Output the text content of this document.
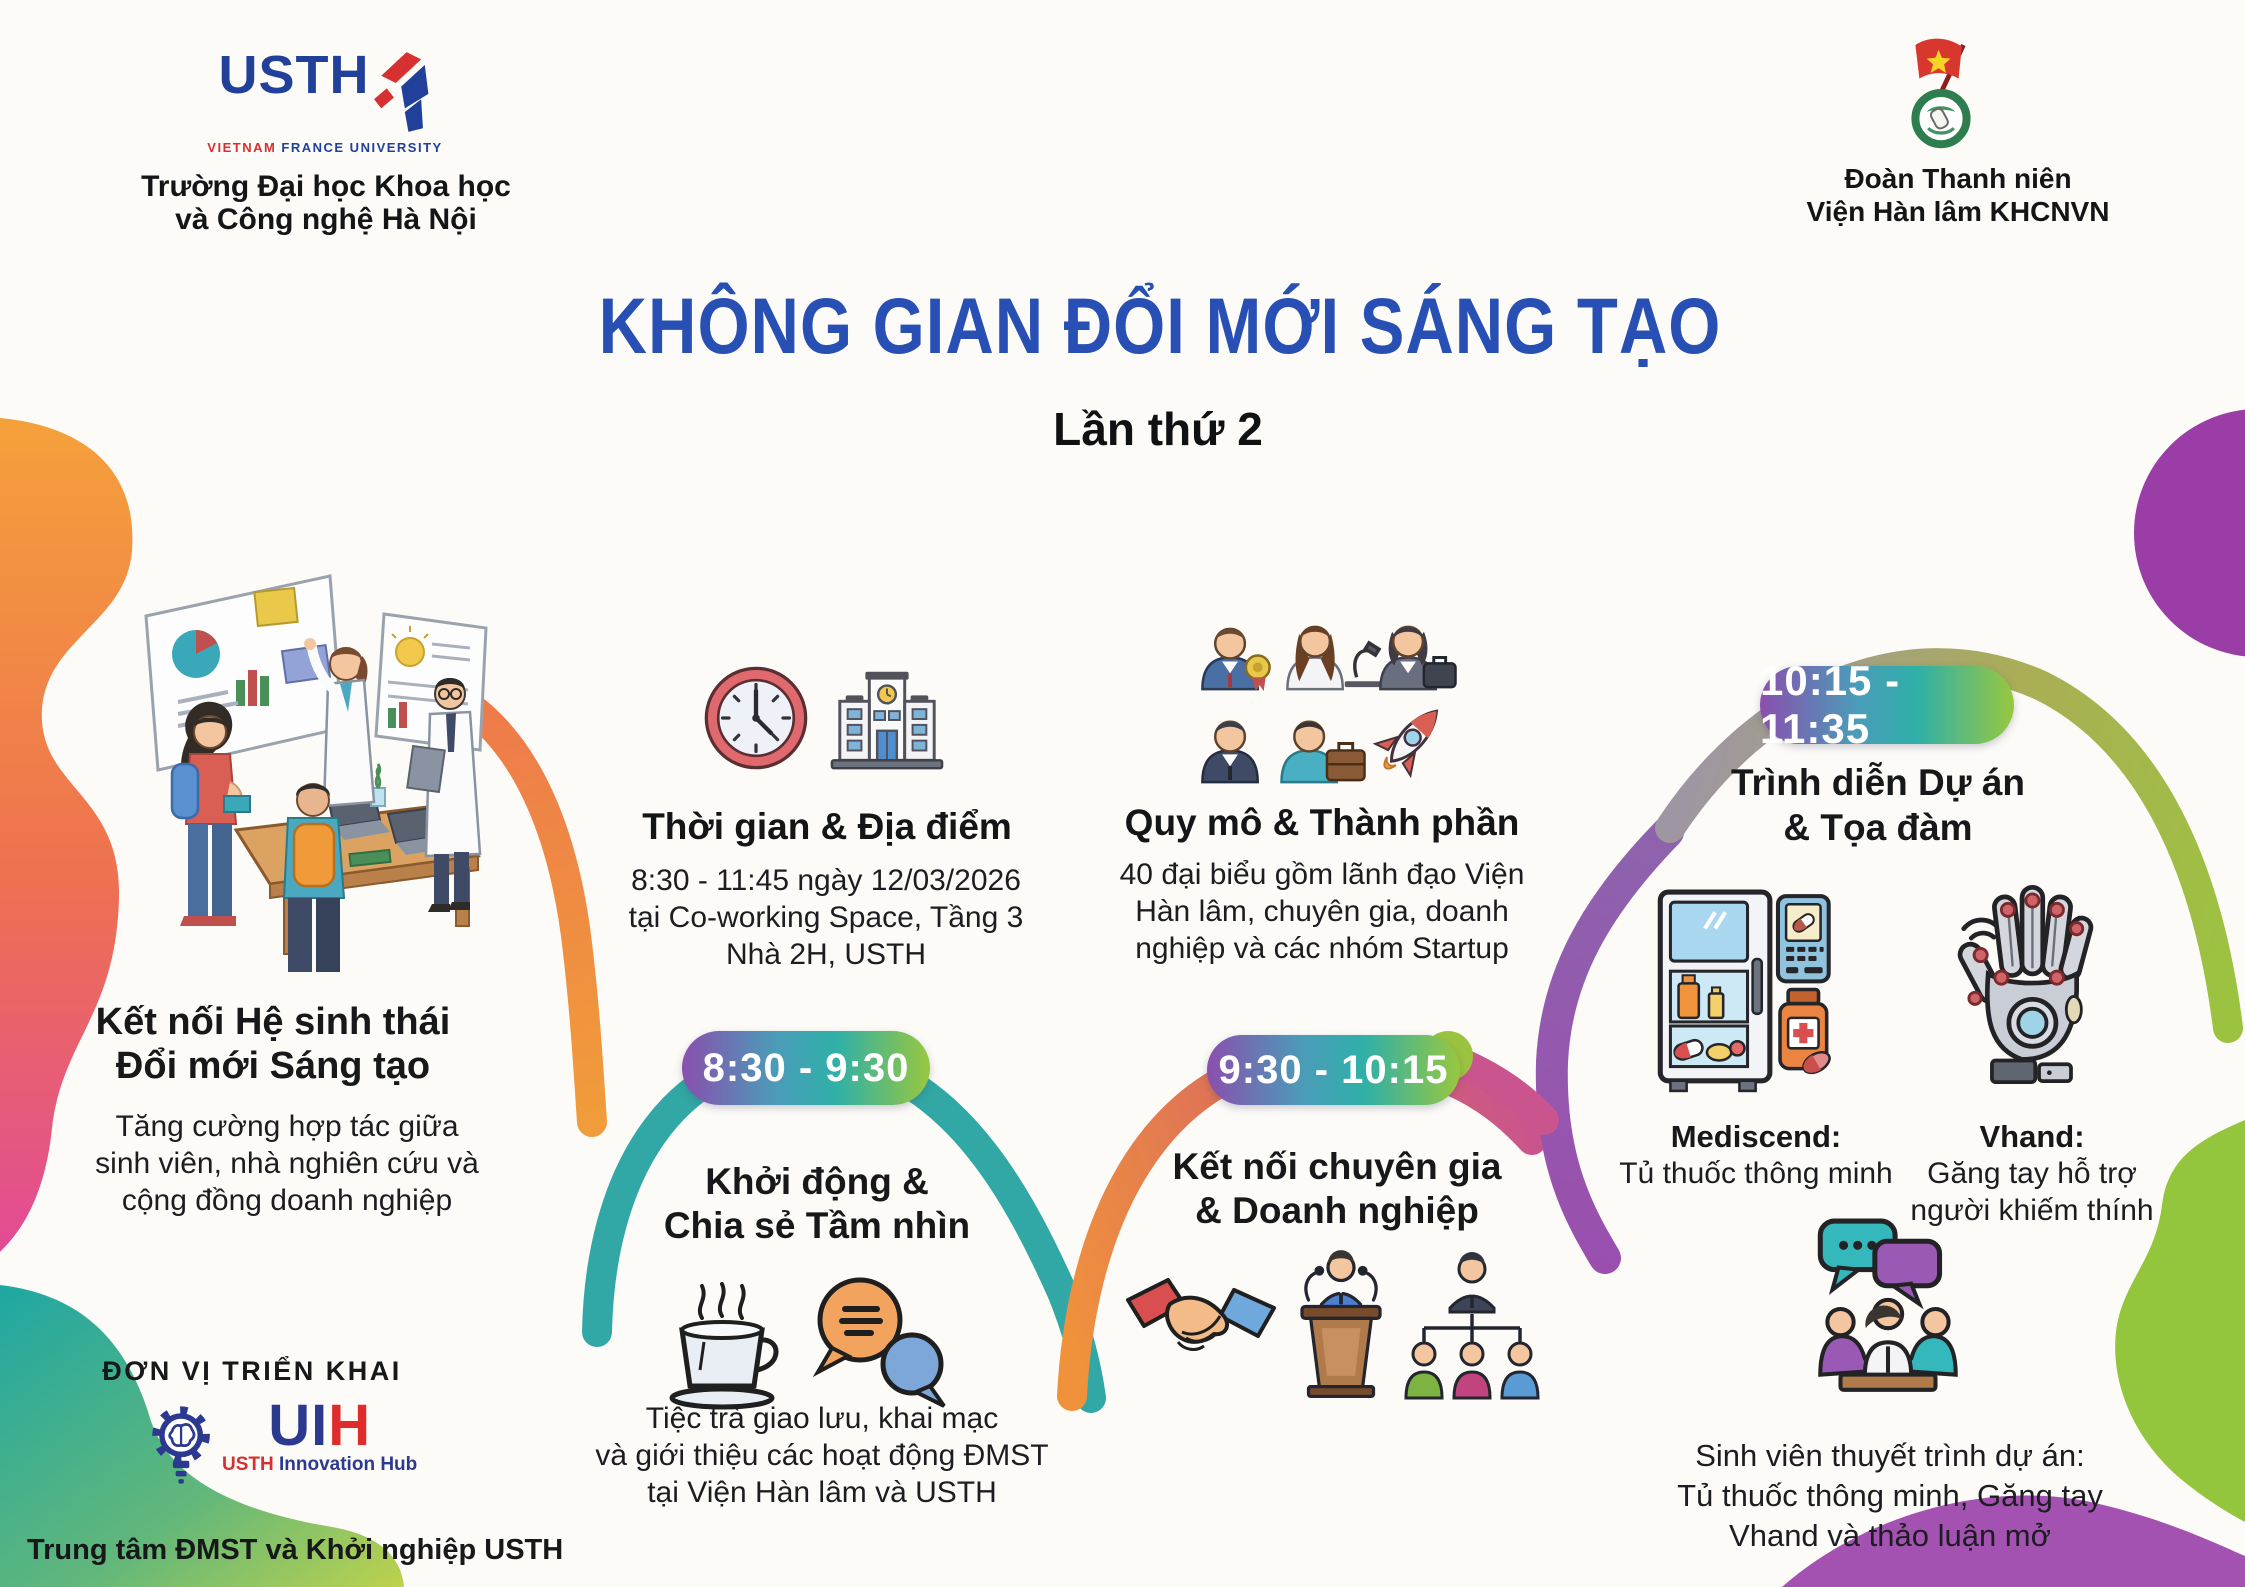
USTH
VIETNAM FRANCE UNIVERSITY
Trường Đại học Khoa học
và Công nghệ Hà Nội
Đoàn Thanh niên
Viện Hàn lâm KHCNVN
KHÔNG GIAN ĐỔI MỚI SÁNG TẠO
Lần thứ 2
Kết nối Hệ sinh thái
Đổi mới Sáng tạo
Tăng cường hợp tác giữa
sinh viên, nhà nghiên cứu và
cộng đồng doanh nghiệp
Thời gian & Địa điểm
8:30 - 11:45 ngày 12/03/2026
tại Co-working Space, Tầng 3
Nhà 2H, USTH
Quy mô & Thành phần
40 đại biểu gồm lãnh đạo Viện
Hàn lâm, chuyên gia, doanh
nghiệp và các nhóm Startup
8:30 - 9:30
Khởi động &
Chia sẻ Tầm nhìn
Tiệc trà giao lưu, khai mạc
và giới thiệu các hoạt động ĐMST
tại Viện Hàn lâm và USTH
9:30 - 10:15
Kết nối chuyên gia
& Doanh nghiệp
10:15 - 11:35
Trình diễn Dự án
& Tọa đàm
Mediscend:
Tủ thuốc thông minh
Vhand:
Găng tay hỗ trợ
người khiếm thính
Sinh viên thuyết trình dự án:
Tủ thuốc thông minh, Găng tay
Vhand và thảo luận mở
ĐƠN VỊ TRIỂN KHAI
UIH
USTH Innovation Hub
Trung tâm ĐMST và Khởi nghiệp USTH
